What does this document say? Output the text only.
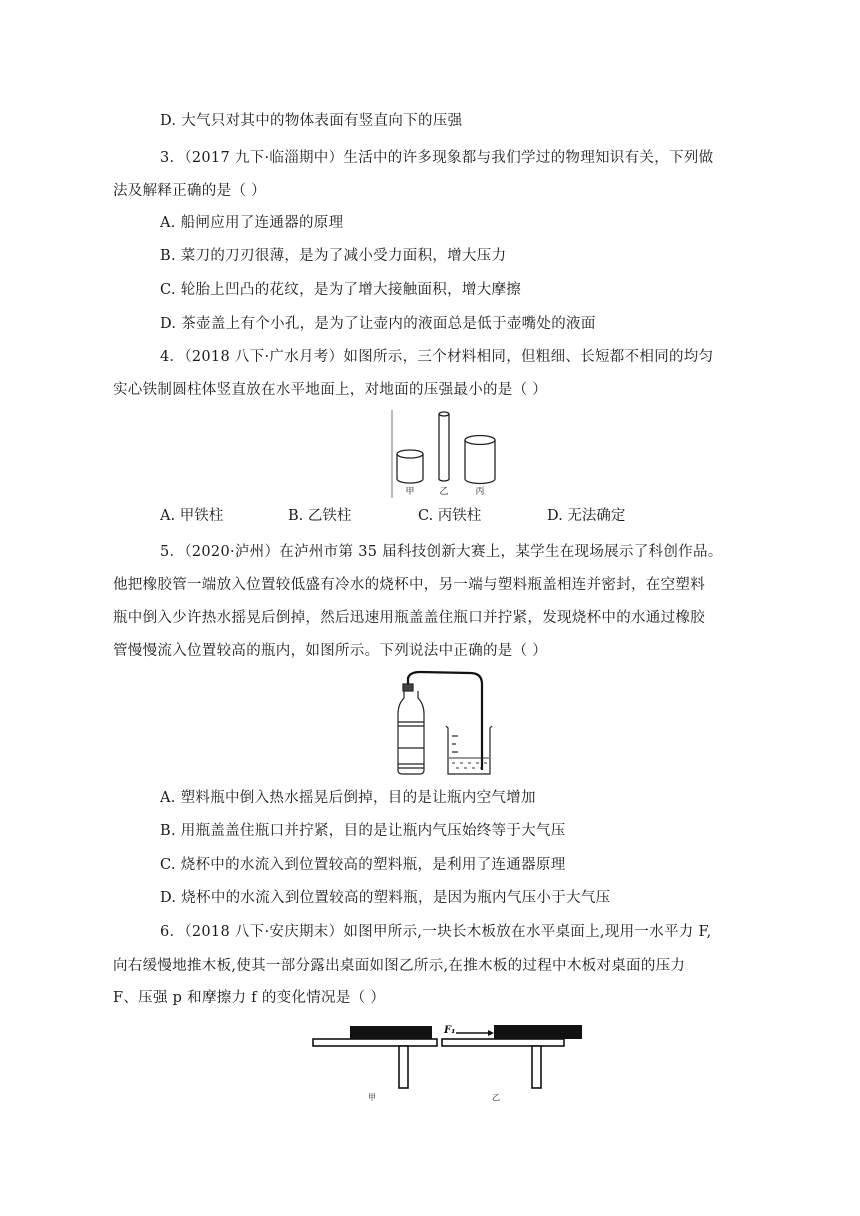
D. 大气只对其中的物体表面有竖直向下的压强
3．（2017 九下·临淄期中）生活中的许多现象都与我们学过的物理知识有关，下列做
法及解释正确的是（ ）
A. 船闸应用了连通器的原理
B. 菜刀的刀刃很薄，是为了减小受力面积，增大压力
C. 轮胎上凹凸的花纹，是为了增大接触面积，增大摩擦
D. 茶壶盖上有个小孔，是为了让壶内的液面总是低于壶嘴处的液面
4．（2018 八下·广水月考）如图所示，三个材料相同，但粗细、长短都不相同的均匀
实心铁制圆柱体竖直放在水平地面上，对地面的压强最小的是（ ）
甲	乙	丙
A. 甲铁柱	B. 乙铁柱	C. 丙铁柱	D. 无法确定
5．（2020·泸州）在泸州市第 35 届科技创新大赛上，某学生在现场展示了科创作品。
他把橡胶管一端放入位置较低盛有冷水的烧杯中，另一端与塑料瓶盖相连并密封，在空塑料
瓶中倒入少许热水摇晃后倒掉，然后迅速用瓶盖盖住瓶口并拧紧，发现烧杯中的水通过橡胶
管慢慢流入位置较高的瓶内，如图所示。下列说法中正确的是（ ）
A. 塑料瓶中倒入热水摇晃后倒掉，目的是让瓶内空气增加
B. 用瓶盖盖住瓶口并拧紧，目的是让瓶内气压始终等于大气压
C. 烧杯中的水流入到位置较高的塑料瓶，是利用了连通器原理
D. 烧杯中的水流入到位置较高的塑料瓶，是因为瓶内气压小于大气压
6．（2018 八下·安庆期末）如图甲所示,一块长木板放在水平桌面上,现用一水平力 F,
向右缓慢地推木板,使其一部分露出桌面如图乙所示,在推木板的过程中木板对桌面的压力
F、压强 p 和摩擦力 f 的变化情况是（ ）
甲
F₁
乙
